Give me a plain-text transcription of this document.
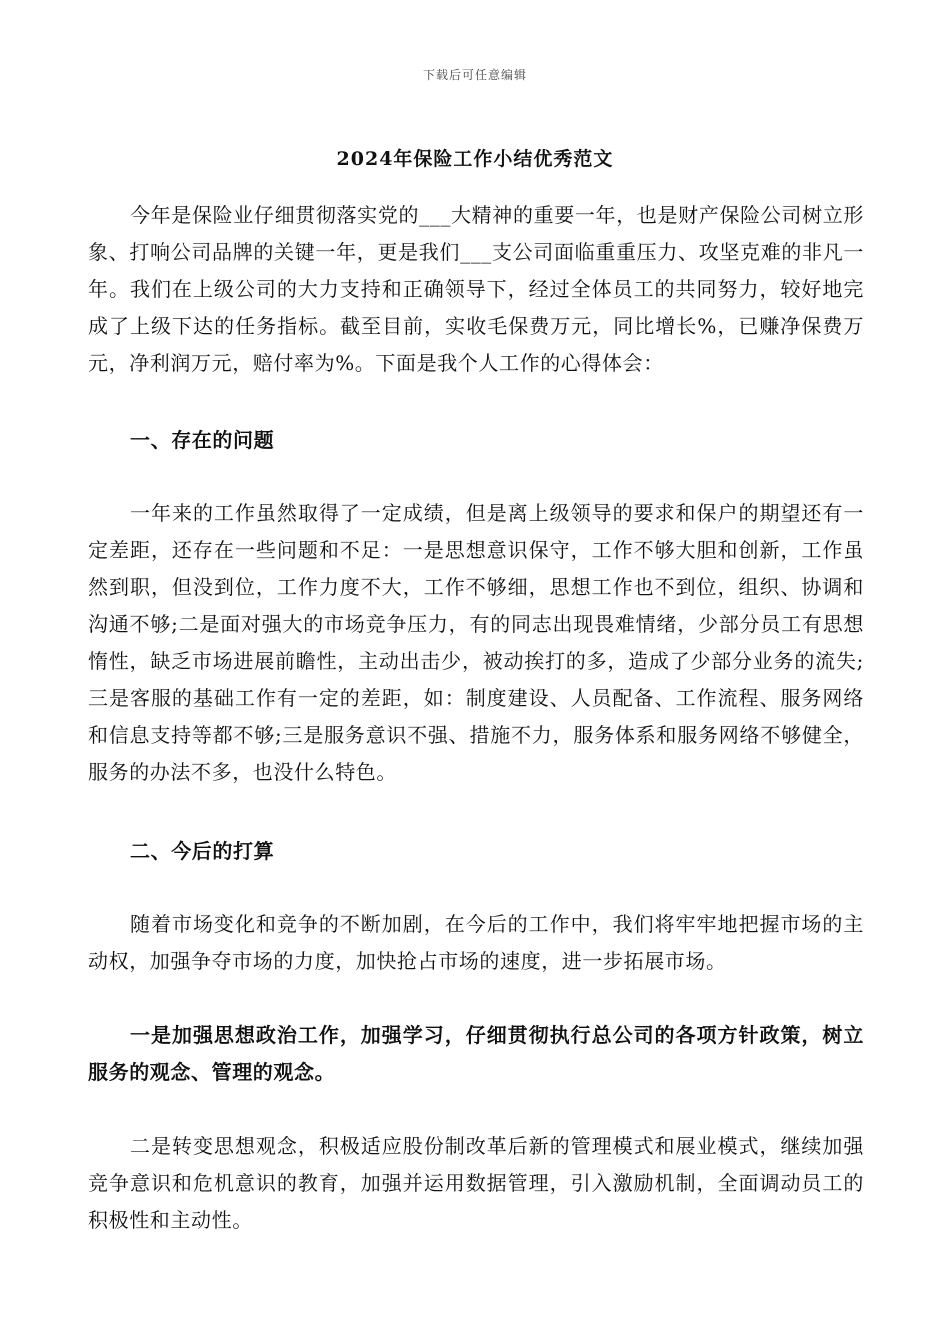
下载后可任意编辑
2024年保险工作小结优秀范文

今年是保险业仔细贯彻落实党的___大精神的重要一年，也是财产保险公司树立形象、打响公司品牌的关键一年，更是我们___支公司面临重重压力、攻坚克难的非凡一年。我们在上级公司的大力支持和正确领导下，经过全体员工的共同努力，较好地完成了上级下达的任务指标。截至目前，实收毛保费万元，同比增长%，已赚净保费万元，净利润万元，赔付率为%。下面是我个人工作的心得体会：

一、存在的问题

一年来的工作虽然取得了一定成绩，但是离上级领导的要求和保户的期望还有一定差距，还存在一些问题和不足：一是思想意识保守，工作不够大胆和创新，工作虽然到职，但没到位，工作力度不大，工作不够细，思想工作也不到位，组织、协调和沟通不够;二是面对强大的市场竞争压力，有的同志出现畏难情绪，少部分员工有思想惰性，缺乏市场进展前瞻性，主动出击少，被动挨打的多，造成了少部分业务的流失;三是客服的基础工作有一定的差距，如：制度建设、人员配备、工作流程、服务网络和信息支持等都不够;三是服务意识不强、措施不力，服务体系和服务网络不够健全，服务的办法不多，也没什么特色。

二、今后的打算

随着市场变化和竞争的不断加剧，在今后的工作中，我们将牢牢地把握市场的主动权，加强争夺市场的力度，加快抢占市场的速度，进一步拓展市场。

一是加强思想政治工作，加强学习，仔细贯彻执行总公司的各项方针政策，树立服务的观念、管理的观念。

二是转变思想观念，积极适应股份制改革后新的管理模式和展业模式，继续加强竞争意识和危机意识的教育，加强并运用数据管理，引入激励机制，全面调动员工的积极性和主动性。
